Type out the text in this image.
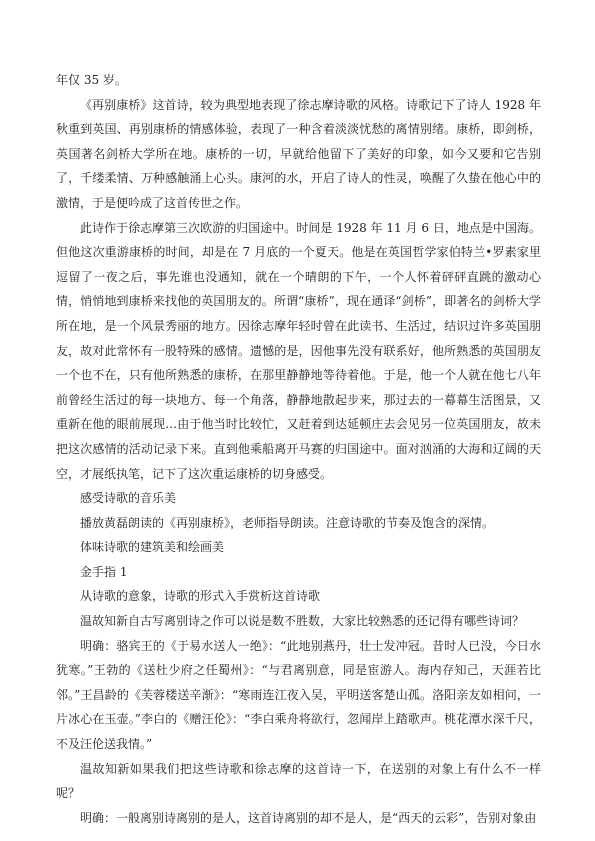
年仅 35 岁。

《再别康桥》这首诗，较为典型地表现了徐志摩诗歌的风格。诗歌记下了诗人 1928 年秋重到英国、再别康桥的情感体验，表现了一种含着淡淡忧愁的离情别绪。康桥，即剑桥，英国著名剑桥大学所在地。康桥的一切，早就给他留下了美好的印象，如今又要和它告别了，千缕柔情、万种感触涌上心头。康河的水，开启了诗人的性灵，唤醒了久蛰在他心中的激情，于是便吟成了这首传世之作。

此诗作于徐志摩第三次欧游的归国途中。时间是 1928 年 11 月 6 日，地点是中国海。但他这次重游康桥的时间，却是在 7 月底的一个夏天。他是在英国哲学家伯特兰•罗素家里逗留了一夜之后，事先谁也没通知，就在一个晴朗的下午，一个人怀着砰砰直跳的激动心情，悄悄地到康桥来找他的英国朋友的。所谓“康桥”，现在通译“剑桥”，即著名的剑桥大学所在地，是一个风景秀丽的地方。因徐志摩年轻时曾在此读书、生活过，结识过许多英国朋友，故对此常怀有一股特殊的感情。遗憾的是，因他事先没有联系好，他所熟悉的英国朋友一个也不在，只有他所熟悉的康桥，在那里静静地等待着他。于是，他一个人就在他七八年前曾经生活过的每一块地方、每一个角落，静静地散起步来，那过去的一幕幕生活图景，又重新在他的眼前展现…由于他当时比较忙，又赶着到达延顿庄去会见另一位英国朋友，故未把这次感情的活动记录下来。直到他乘船离开马赛的归国途中。面对汹涌的大海和辽阔的天空，才展纸执笔，记下了这次重运康桥的切身感受。

感受诗歌的音乐美

播放黄磊朗读的《再别康桥》，老师指导朗读。注意诗歌的节奏及饱含的深情。

体味诗歌的建筑美和绘画美

金手指 1

从诗歌的意象，诗歌的形式入手赏析这首诗歌

温故知新自古写离别诗之作可以说是数不胜数，大家比较熟悉的还记得有哪些诗词？

明确：骆宾王的《于易水送人一绝》：“此地别燕丹，壮士发冲冠。昔时人已没，今日水犹寒。”王勃的《送杜少府之任蜀州》：“与君离别意，同是宦游人。海内存知己，天涯若比邻。”王昌龄的《芙蓉楼送辛渐》：“寒雨连江夜入吴，平明送客楚山孤。洛阳亲友如相问，一片冰心在玉壶。”李白的《赠汪伦》：“李白乘舟将欲行，忽闻岸上踏歌声。桃花潭水深千尺，不及汪伦送我情。”

温故知新如果我们把这些诗歌和徐志摩的这首诗一下，在送别的对象上有什么不一样呢？

明确：一般离别诗离别的是人，这首诗离别的却不是人，是“西天的云彩”，告别对象由
